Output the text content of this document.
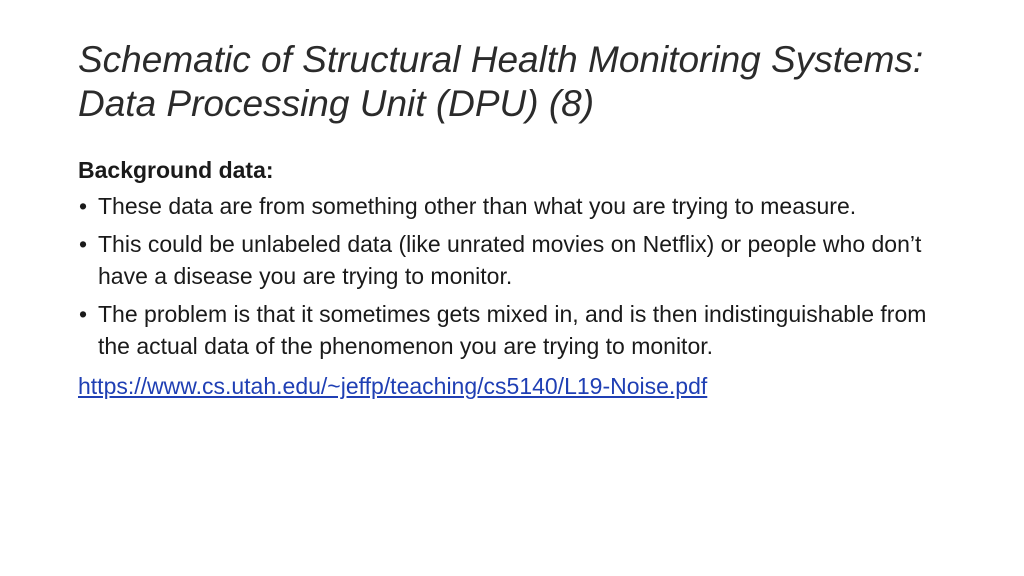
Schematic of Structural Health Monitoring Systems: Data Processing Unit (DPU) (8)

Background data:

• These data are from something other than what you are trying to measure.
• This could be unlabeled data (like unrated movies on Netflix) or people who don’t have a disease you are trying to monitor.
• The problem is that it sometimes gets mixed in, and is then indistinguishable from the actual data of the phenomenon you are trying to monitor.
https://www.cs.utah.edu/~jeffp/teaching/cs5140/L19-Noise.pdf
